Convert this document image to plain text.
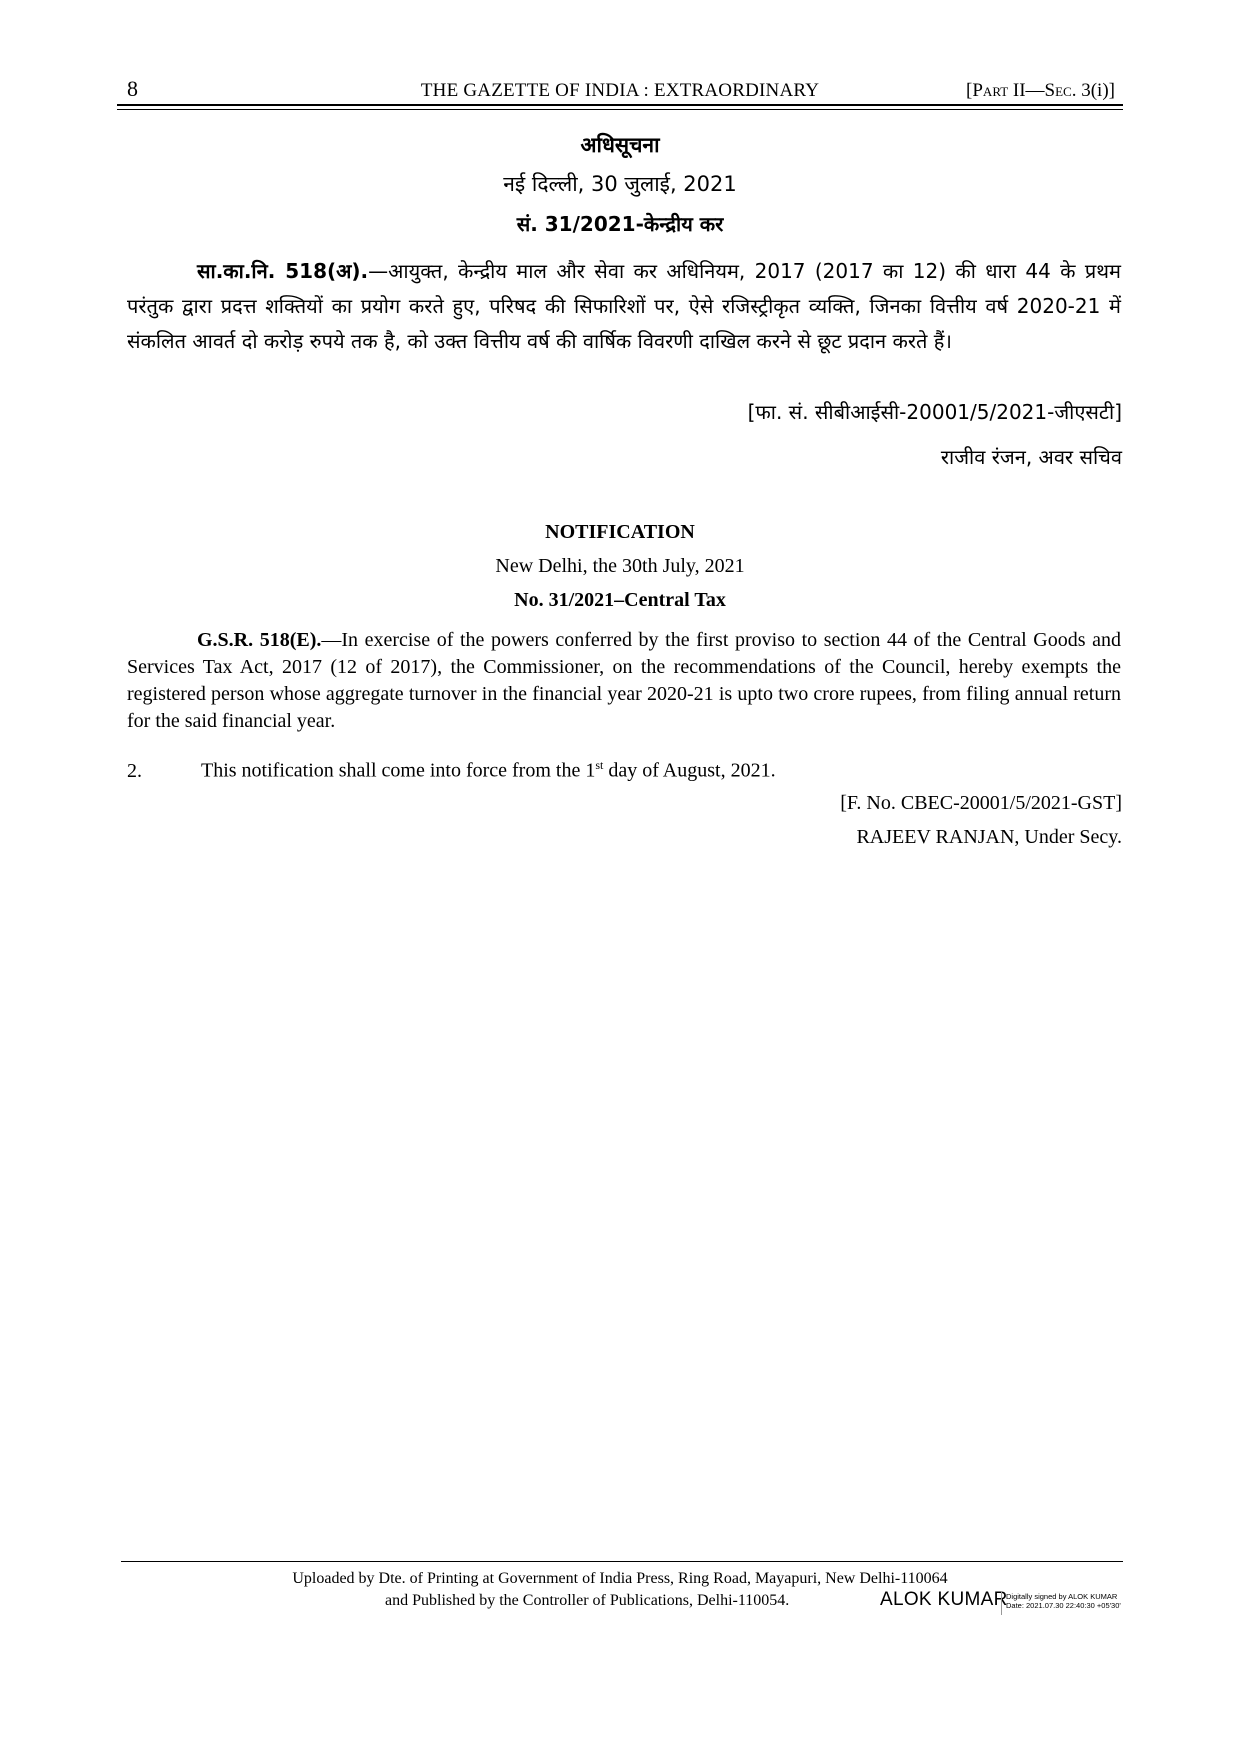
8	THE GAZETTE OF INDIA : EXTRAORDINARY	[Part II—Sec. 3(i)]
अधिसूचना
नई दिल्ली, 30 जुलाई, 2021
सं. 31/2021-केन्द्रीय कर
सा.का.नि. 518(अ).—आयुक्त, केन्द्रीय माल और सेवा कर अधिनियम, 2017 (2017 का 12) की धारा 44 के प्रथम परंतुक द्वारा प्रदत्त शक्तियों का प्रयोग करते हुए, परिषद की सिफारिशों पर, ऐसे रजिस्ट्रीकृत व्यक्ति, जिनका वित्तीय वर्ष 2020-21 में संकलित आवर्त दो करोड़ रुपये तक है, को उक्त वित्तीय वर्ष की वार्षिक विवरणी दाखिल करने से छूट प्रदान करते हैं।
[फा. सं. सीबीआईसी-20001/5/2021-जीएसटी]
राजीव रंजन, अवर सचिव
NOTIFICATION
New Delhi, the 30th July, 2021
No. 31/2021–Central Tax
G.S.R. 518(E).—In exercise of the powers conferred by the first proviso to section 44 of the Central Goods and Services Tax Act, 2017 (12 of 2017), the Commissioner, on the recommendations of the Council, hereby exempts the registered person whose aggregate turnover in the financial year 2020-21 is upto two crore rupees, from filing annual return for the said financial year.
2.	This notification shall come into force from the 1st day of August, 2021.
[F. No. CBEC-20001/5/2021-GST]
RAJEEV RANJAN, Under Secy.
Uploaded by Dte. of Printing at Government of India Press, Ring Road, Mayapuri, New Delhi-110064
and Published by the Controller of Publications, Delhi-110054.	ALOK KUMAR
Digitally signed by ALOK KUMAR
Date: 2021.07.30 22:40:30 +05'30'
